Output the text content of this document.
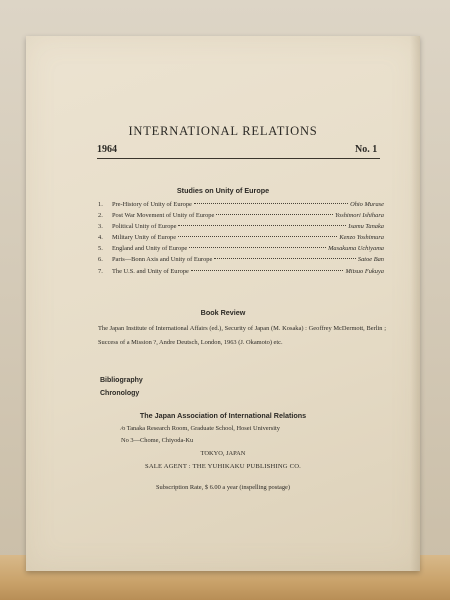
INTERNATIONAL RELATIONS
1964	No. 1
Studies on Unity of Europe
1.	Pre-History of Unity of Europe	Ohio Murase
2.	Post War Movement of Unity of Europe	Yoshimori Ishihara
3.	Political Unity of Europe	Isamu Tanaka
4.	Military Unity of Europe	Kenzo Yoshimura
5.	England and Unity of Europe	Masakuma Uchiyama
6.	Paris—Bonn Axis and Unity of Europe	Satoe Ban
7.	The U.S. and Unity of Europe	Mitsuo Fukuya
Book Review
The Japan Institute of International Affairs (ed.), Security of Japan (M. Kosaka) : Geoffrey McDermott, Berlin ; Success of a Mission ?, Andre Deutsch, London, 1963 (J. Okamoto) etc.
Bibliography
Chronology
The Japan Association of International Relations
⁄o Tanaka Research Room, Graduate School, Hosei University
No 3—Chome, Chiyoda-Ku
TOKYO, JAPAN
SALE AGENT : THE YUHIKAKU PUBLISHING CO.
Subscription Rate, $ 6.00 a year (inspelling postage)
